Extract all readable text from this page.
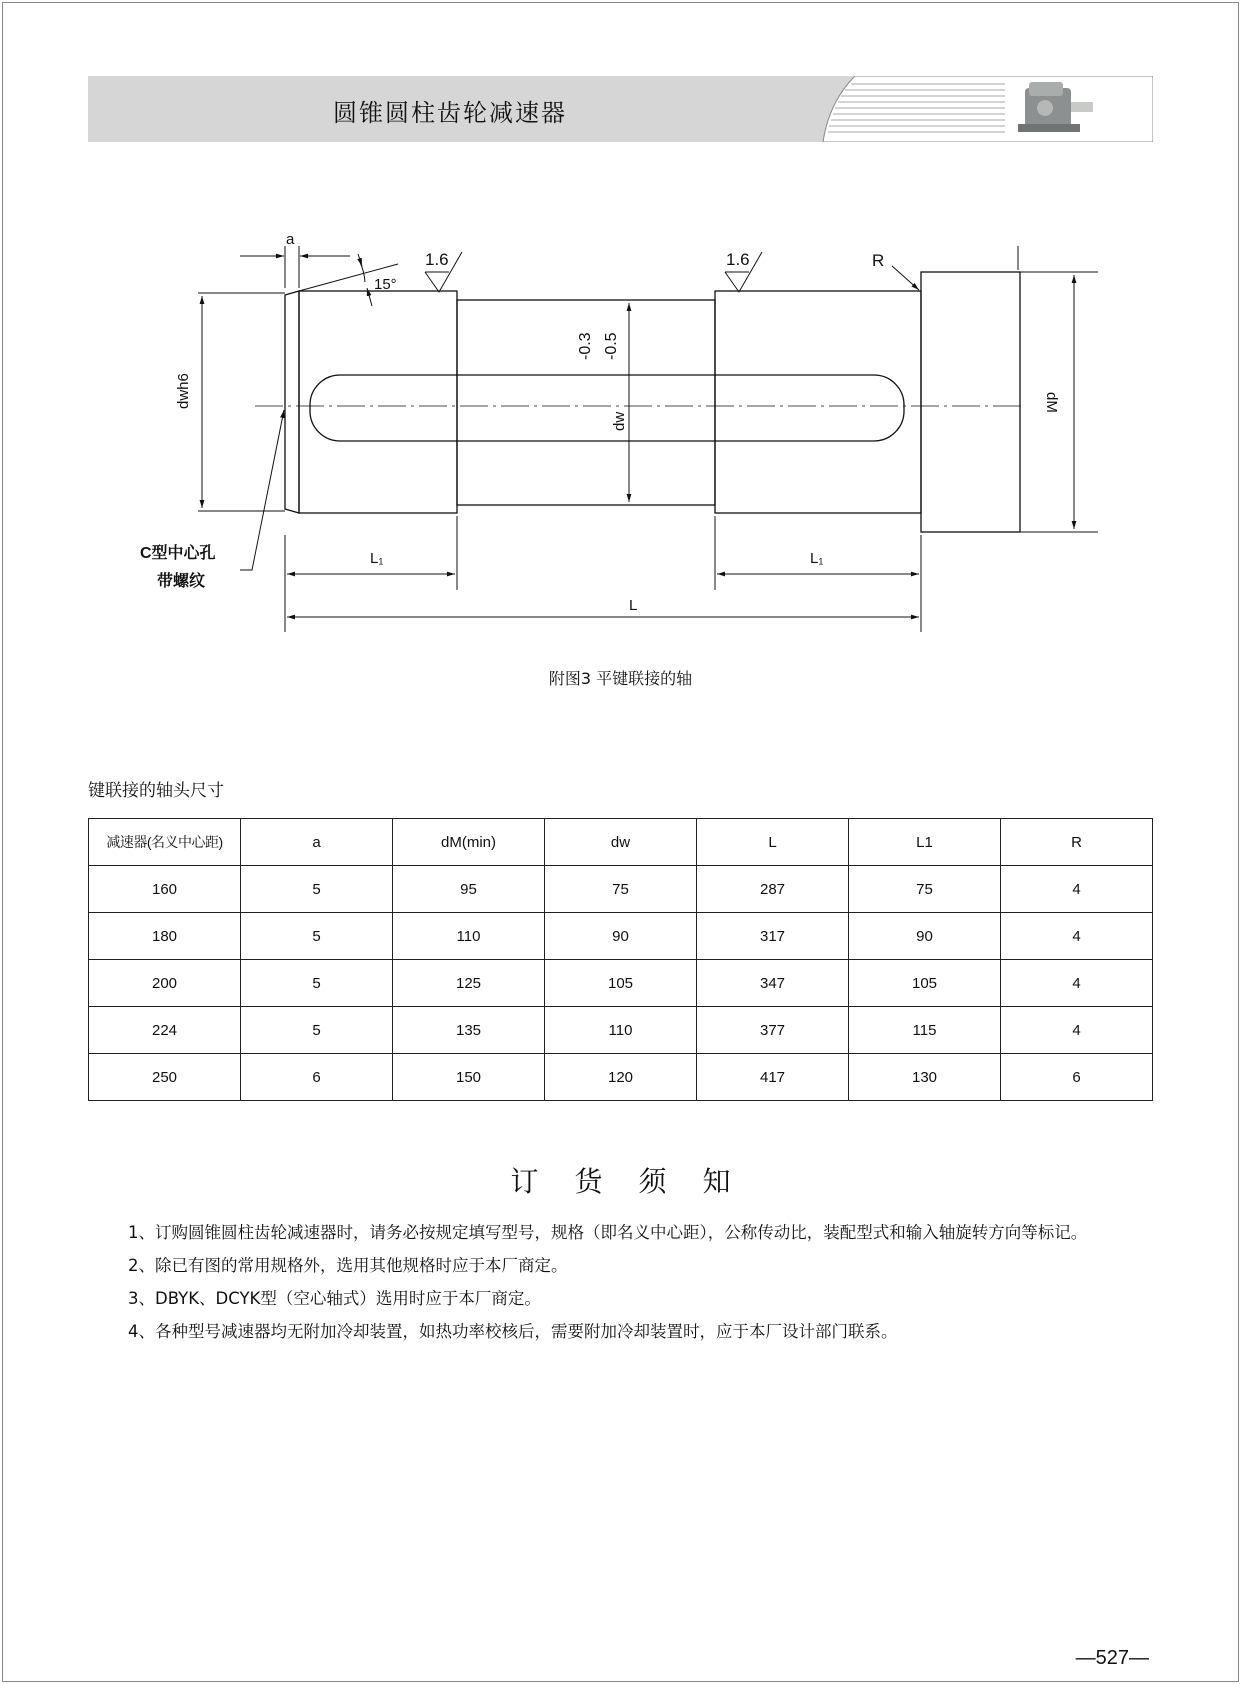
圆锥圆柱齿轮减速器
a
15°
1.6	1.6	R
-0.3 -0.5
dw
dwh6	dM
C型中心孔
带螺纹
L₁	L₁
L
附图3 平键联接的轴
键联接的轴头尺寸
减速器(名义中心距)	a	dM(min)	dw	L	L1	R
160	5	95	75	287	75	4
180	5	110	90	317	90	4
200	5	125	105	347	105	4
224	5	135	110	377	115	4
250	6	150	120	417	130	6
订货须知

1、订购圆锥圆柱齿轮减速器时，请务必按规定填写型号，规格（即名义中心距），公称传动比，装配型式和输入轴旋转方向等标记。

2、除已有图的常用规格外，选用其他规格时应于本厂商定。

3、DBYK、DCYK型（空心轴式）选用时应于本厂商定。

4、各种型号减速器均无附加冷却装置，如热功率校核后，需要附加冷却装置时，应于本厂设计部门联系。

—527—
